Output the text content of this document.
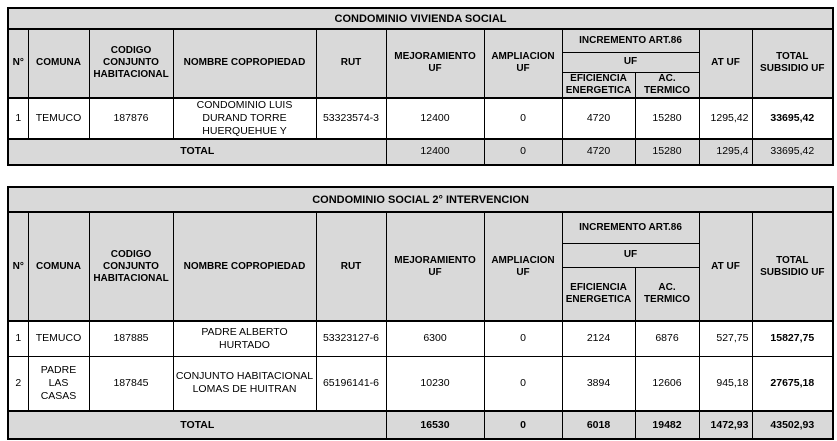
CONDOMINIO VIVIENDA SOCIAL										
N°	COMUNA	CODIGO CONJUNTO HABITACIONAL	NOMBRE COPROPIEDAD	RUT	MEJORAMIENTO UF	AMPLIACION UF	INCREMENTO ART.86		AT UF	TOTAL SUBSIDIO UF
							UF			
							EFICIENCIA ENERGETICA	AC. TERMICO		
1	TEMUCO	187876	CONDOMINIO LUIS DURAND TORRE HUERQUEHUE Y	53323574-3	12400	0	4720	15280	1295,42	33695,42
TOTAL					12400	0	4720	15280	1295,4	33695,42
CONDOMINIO SOCIAL 2° INTERVENCION										
N°	COMUNA	CODIGO CONJUNTO HABITACIONAL	NOMBRE COPROPIEDAD	RUT	MEJORAMIENTO UF	AMPLIACION UF	INCREMENTO ART.86		AT UF	TOTAL SUBSIDIO UF
							UF			
							EFICIENCIA ENERGETICA	AC. TERMICO		
1	TEMUCO	187885	PADRE ALBERTO HURTADO	53323127-6	6300	0	2124	6876	527,75	15827,75
2	PADRE LAS CASAS	187845	CONJUNTO HABITACIONAL LOMAS DE HUITRAN	65196141-6	10230	0	3894	12606	945,18	27675,18
TOTAL					16530	0	6018	19482	1472,93	43502,93
